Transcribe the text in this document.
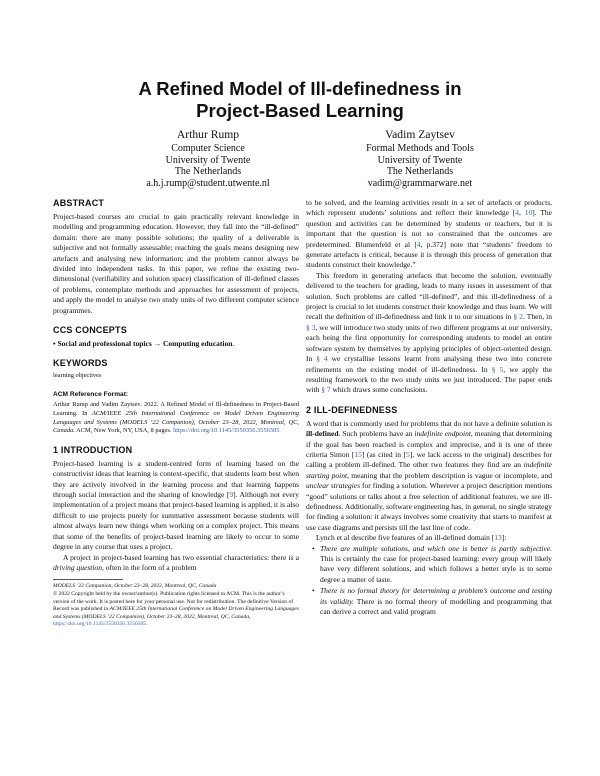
A Refined Model of Ill-definedness in
Project-Based Learning
Arthur Rump
Computer Science
University of Twente
The Netherlands
a.h.j.rump@student.utwente.nl
Vadim Zaytsev
Formal Methods and Tools
University of Twente
The Netherlands
vadim@grammarware.net
ABSTRACT

Project-based courses are crucial to gain practically relevant knowledge in modelling and programming education. However, they fall into the “ill-defined” domain: there are many possible solutions; the quality of a deliverable is subjective and not formally assessable; reaching the goals means designing new artefacts and analysing new information; and the problem cannot always be divided into independent tasks. In this paper, we refine the existing two-dimensional (verifiability and solution space) classification of ill-defined classes of problems, contemplate methods and approaches for assessment of projects, and apply the model to analyse two study units of two different computer science programmes.

CCS CONCEPTS

• Social and professional topics → Computing education.

KEYWORDS

learning objectives

ACM Reference Format:

Arthur Rump and Vadim Zaytsev. 2022. A Refined Model of Ill-definedness in Project-Based Learning. In ACM/IEEE 25th International Conference on Model Driven Engineering Languages and Systems (MODELS ’22 Companion), October 23–28, 2022, Montreal, QC, Canada. ACM, New York, NY, USA, 8 pages. https://doi.org/10.1145/3550356.3556505

1 INTRODUCTION

Project-based learning is a student-centred form of learning based on the constructivist ideas that learning is context-specific, that students learn best when they are actively involved in the learning process and that learning happens through social interaction and the sharing of knowledge [9]. Although not every implementation of a project means that project-based learning is applied, it is also difficult to use projects purely for summative assessment because students will almost always learn new things when working on a complex project. This means that some of the benefits of project-based learning are likely to occur to some degree in any course that uses a project.

A project in project-based learning has two essential characteristics: there is a driving question, often in the form of a problem

MODELS ’22 Companion, October 23–28, 2022, Montreal, QC, Canada
© 2022 Copyright held by the owner/author(s). Publication rights licensed to ACM. This is the author’s version of the work. It is posted here for your personal use. Not for redistribution. The definitive Version of Record was published in ACM/IEEE 25th International Conference on Model Driven Engineering Languages and Systems (MODELS ’22 Companion), October 23–28, 2022, Montreal, QC, Canada, https://doi.org/10.1145/3550356.3556505.

to be solved, and the learning activities result in a set of artefacts or products, which represent students’ solutions and reflect their knowledge [4, 10]. The question and activities can be determined by students or teachers, but it is important that the question is not so constrained that the outcomes are predetermined. Blumenfeld et al [4, p.372] note that “students’ freedom to generate artefacts is critical, because it is through this process of generation that students construct their knowledge.”

This freedom in generating artefacts that become the solution, eventually delivered to the teachers for grading, leads to many issues in assessment of that solution. Such problems are called “ill-defined”, and this ill-definedness of a project is crucial to let students construct their knowledge and thus learn. We will recall the definition of ill-definedness and link it to our situations in § 2. Then, in § 3, we will introduce two study units of two different programs at our university, each being the first opportunity for corresponding students to model an entire software system by themselves by applying principles of object-oriented design. In § 4 we crystallise lessons learnt from analysing these two into concrete refinements on the existing model of ill-definedness. In § 5, we apply the resulting framework to the two study units we just introduced. The paper ends with § 7 which draws some conclusions.

2 ILL-DEFINEDNESS

A word that is commonly used for problems that do not have a definite solution is ill-defined. Such problems have an indefinite endpoint, meaning that determining if the goal has been reached is complex and imprecise, and it is one of three criteria Simon [15] (as cited in [5], we lack access to the original) describes for calling a problem ill-defined. The other two features they find are an indefinite starting point, meaning that the problem description is vague or incomplete, and unclear strategies for finding a solution. Wherever a project description mentions “good” solutions or talks about a free selection of additional features, we see ill-definedness. Additionally, software engineering has, in general, no single strategy for finding a solution: it always involves some creativity that starts to manifest at use case diagrams and persists till the last line of code.

Lynch et al describe five features of an ill-defined domain [13]:

• There are multiple solutions, and which one is better is partly subjective. This is certainly the case for project-based learning: every group will likely have very different solutions, and which follows a better style is to some degree a matter of taste.
• There is no formal theory for determining a problem’s outcome and testing its validity. There is no formal theory of modelling and programming that can derive a correct and valid program
